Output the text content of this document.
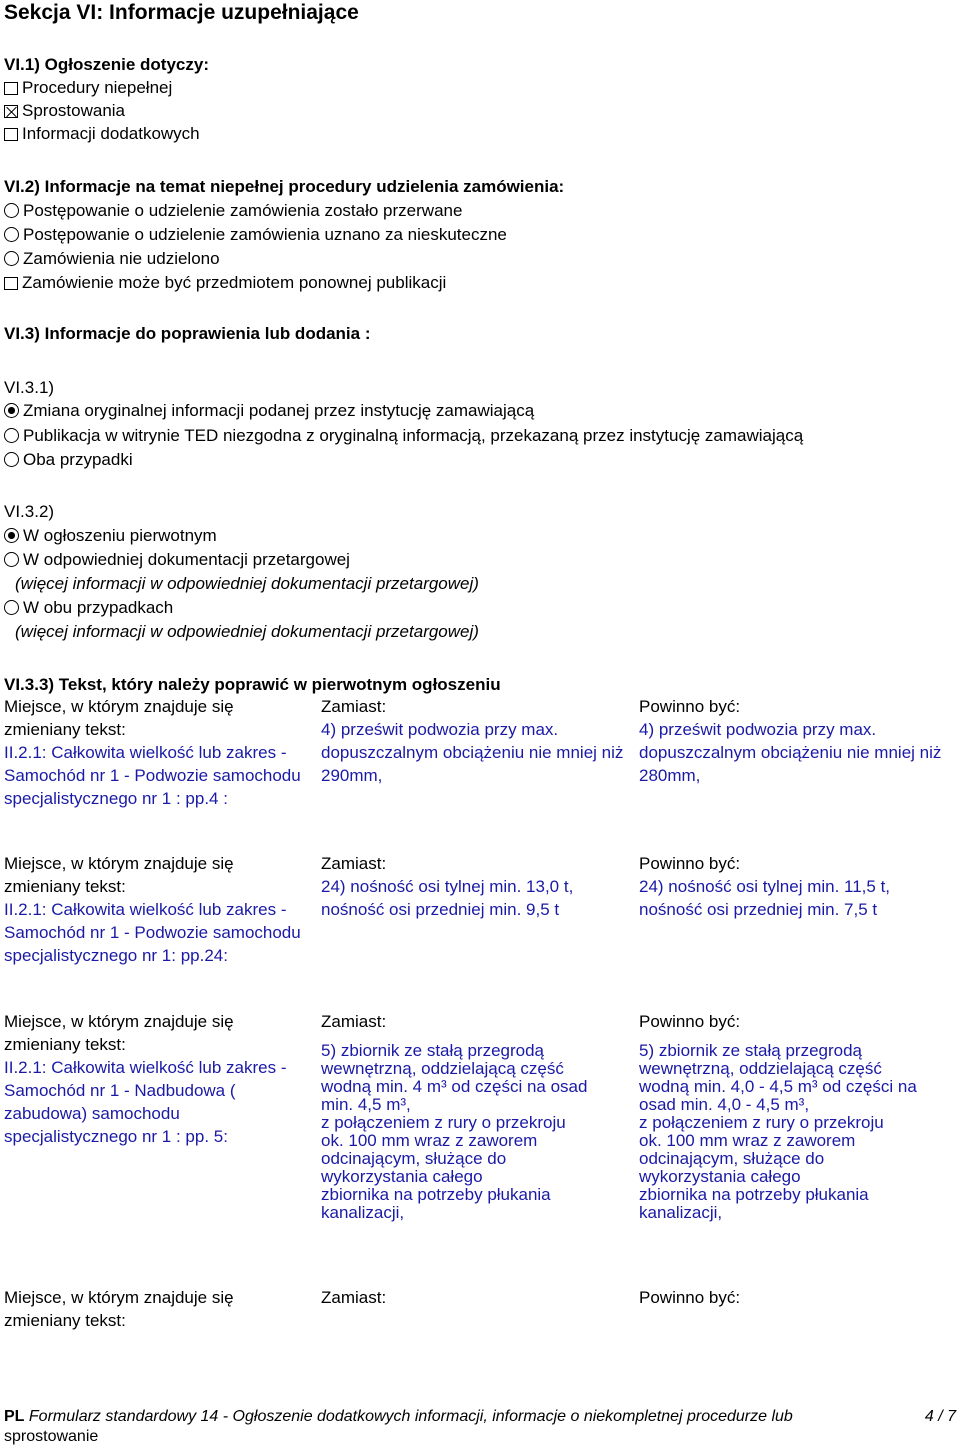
Sekcja VI: Informacje uzupełniające
VI.1) Ogłoszenie dotyczy:
Procedury niepełnej
Sprostowania
Informacji dodatkowych
VI.2) Informacje na temat niepełnej procedury udzielenia zamówienia:
Postępowanie o udzielenie zamówienia zostało przerwane
Postępowanie o udzielenie zamówienia uznano za nieskuteczne
Zamówienia nie udzielono
Zamówienie może być przedmiotem ponownej publikacji
VI.3) Informacje do poprawienia lub dodania :
VI.3.1)
Zmiana oryginalnej informacji podanej przez instytucję zamawiającą
Publikacja w witrynie TED niezgodna z oryginalną informacją, przekazaną przez instytucję zamawiającą
Oba przypadki
VI.3.2)
W ogłoszeniu pierwotnym
W odpowiedniej dokumentacji przetargowej
(więcej informacji w odpowiedniej dokumentacji przetargowej)
W obu przypadkach
(więcej informacji w odpowiedniej dokumentacji przetargowej)
VI.3.3) Tekst, który należy poprawić w pierwotnym ogłoszeniu
Miejsce, w którym znajduje się zmieniany tekst:
II.2.1: Całkowita wielkość lub zakres - Samochód nr 1 - Podwozie samochodu specjalistycznego nr 1 : pp.4 :
Zamiast:
4) prześwit podwozia przy max. dopuszczalnym obciążeniu nie mniej niż 290mm,
Powinno być:
4) prześwit podwozia przy max. dopuszczalnym obciążeniu nie mniej niż 280mm,
Miejsce, w którym znajduje się zmieniany tekst:
II.2.1: Całkowita wielkość lub zakres - Samochód nr 1 - Podwozie samochodu specjalistycznego nr 1: pp.24:
Zamiast:
24) nośność osi tylnej min. 13,0 t,
nośność osi przedniej min. 9,5 t
Powinno być:
24) nośność osi tylnej min. 11,5 t,
nośność osi przedniej min. 7,5 t
Miejsce, w którym znajduje się zmieniany tekst:
II.2.1: Całkowita wielkość lub zakres - Samochód nr 1 - Nadbudowa ( zabudowa) samochodu specjalistycznego nr 1 : pp. 5:
Zamiast:
5) zbiornik ze stałą przegrodą
wewnętrzną, oddzielającą część
wodną min. 4 m³ od części na osad
min. 4,5 m³,
z połączeniem z rury o przekroju
ok. 100 mm wraz z zaworem
odcinającym, służące do
wykorzystania całego
zbiornika na potrzeby płukania
kanalizacji,
Powinno być:
5) zbiornik ze stałą przegrodą
wewnętrzną, oddzielającą część
wodną min. 4,0 - 4,5 m³ od części na
osad min. 4,0 - 4,5 m³,
z połączeniem z rury o przekroju
ok. 100 mm wraz z zaworem
odcinającym, służące do
wykorzystania całego
zbiornika na potrzeby płukania
kanalizacji,
Miejsce, w którym znajduje się zmieniany tekst:
Zamiast:	Powinno być:
PL Formularz standardowy 14 - Ogłoszenie dodatkowych informacji, informacje o niekompletnej procedurze lub
sprostowanie
4 / 7
